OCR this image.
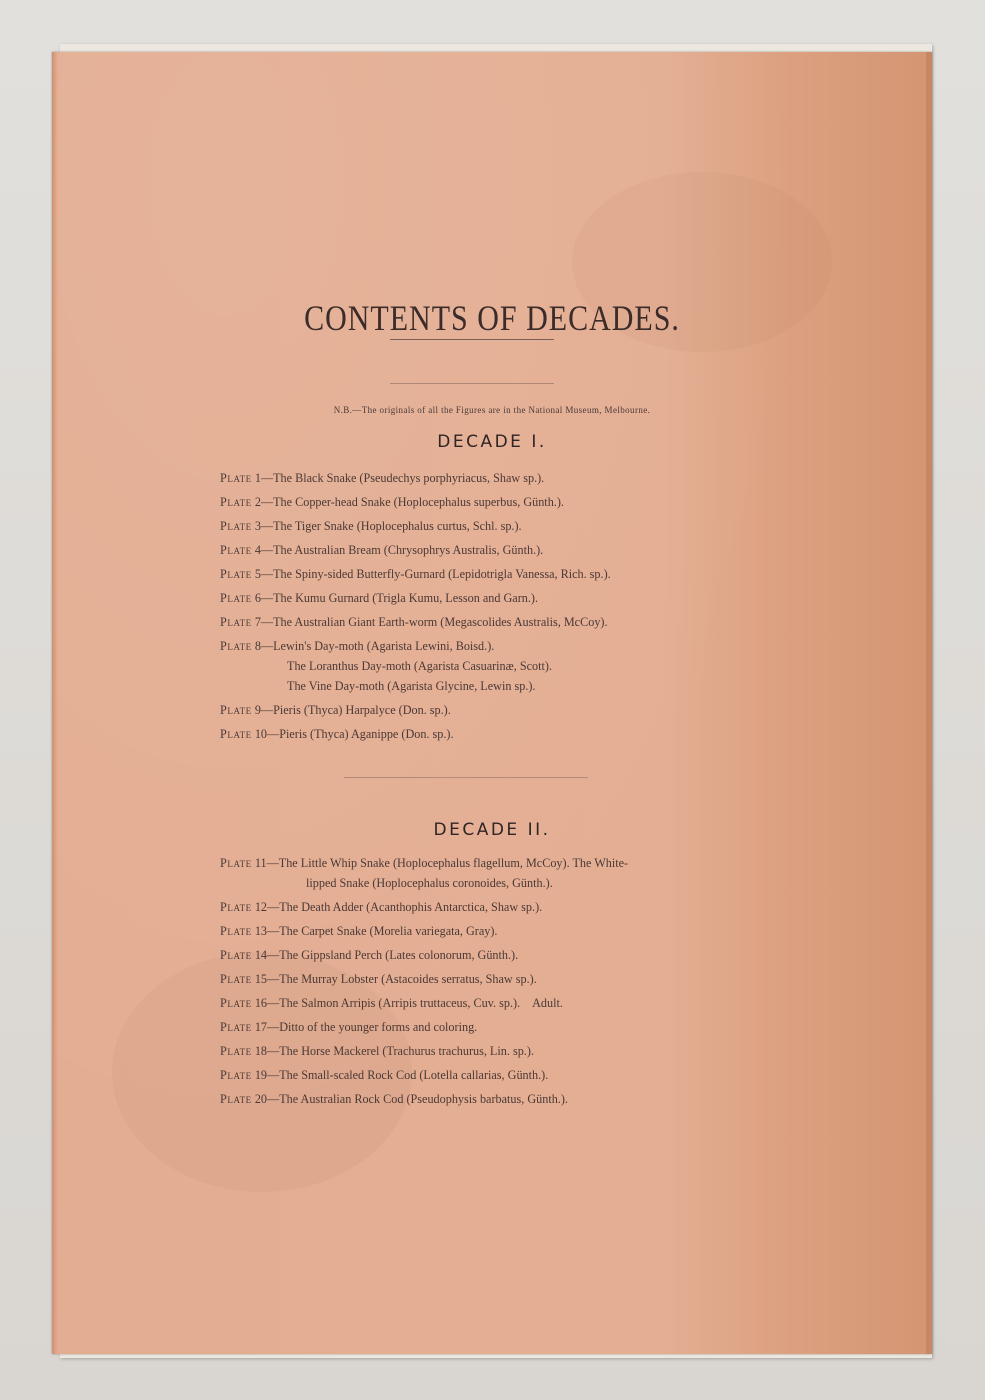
CONTENTS OF DECADES.
N.B.—The originals of all the Figures are in the National Museum, Melbourne.
DECADE I.
Plate 1—The Black Snake (Pseudechys porphyriacus, Shaw sp.).
Plate 2—The Copper-head Snake (Hoplocephalus superbus, Günth.).
Plate 3—The Tiger Snake (Hoplocephalus curtus, Schl. sp.).
Plate 4—The Australian Bream (Chrysophrys Australis, Günth.).
Plate 5—The Spiny-sided Butterfly-Gurnard (Lepidotrigla Vanessa, Rich. sp.).
Plate 6—The Kumu Gurnard (Trigla Kumu, Lesson and Garn.).
Plate 7—The Australian Giant Earth-worm (Megascolides Australis, McCoy).
Plate 8—Lewin's Day-moth (Agarista Lewini, Boisd.).
The Loranthus Day-moth (Agarista Casuarinæ, Scott).
The Vine Day-moth (Agarista Glycine, Lewin sp.).
Plate 9—Pieris (Thyca) Harpalyce (Don. sp.).
Plate 10—Pieris (Thyca) Aganippe (Don. sp.).
DECADE II.
Plate 11—The Little Whip Snake (Hoplocephalus flagellum, McCoy). The White-
lipped Snake (Hoplocephalus coronoides, Günth.).
Plate 12—The Death Adder (Acanthophis Antarctica, Shaw sp.).
Plate 13—The Carpet Snake (Morelia variegata, Gray).
Plate 14—The Gippsland Perch (Lates colonorum, Günth.).
Plate 15—The Murray Lobster (Astacoides serratus, Shaw sp.).
Plate 16—The Salmon Arripis (Arripis truttaceus, Cuv. sp.). Adult.
Plate 17—Ditto of the younger forms and coloring.
Plate 18—The Horse Mackerel (Trachurus trachurus, Lin. sp.).
Plate 19—The Small-scaled Rock Cod (Lotella callarias, Günth.).
Plate 20—The Australian Rock Cod (Pseudophysis barbatus, Günth.).
